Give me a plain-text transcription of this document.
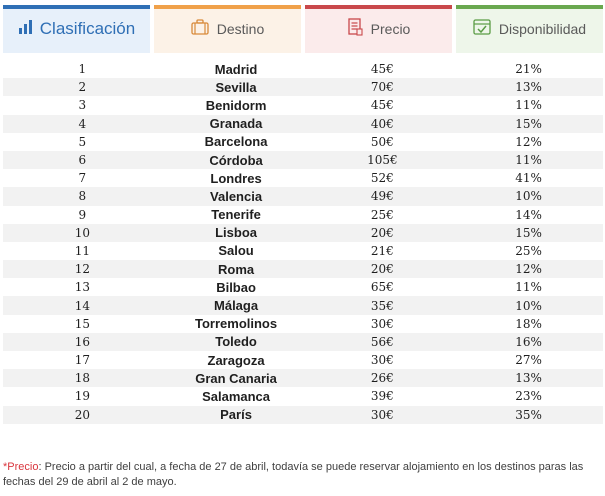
Clasificación	Destino	Precio	Disponibilidad
1	Madrid	45€	21%
2	Sevilla	70€	13%
3	Benidorm	45€	11%
4	Granada	40€	15%
5	Barcelona	50€	12%
6	Córdoba	105€	11%
7	Londres	52€	41%
8	Valencia	49€	10%
9	Tenerife	25€	14%
10	Lisboa	20€	15%
11	Salou	21€	25%
12	Roma	20€	12%
13	Bilbao	65€	11%
14	Málaga	35€	10%
15	Torremolinos	30€	18%
16	Toledo	56€	16%
17	Zaragoza	30€	27%
18	Gran Canaria	26€	13%
19	Salamanca	39€	23%
20	París	30€	35%
*Precio: Precio a partir del cual, a fecha de 27 de abril, todavía se puede reservar alojamiento en los destinos paras las fechas del 29 de abril al 2 de mayo.
